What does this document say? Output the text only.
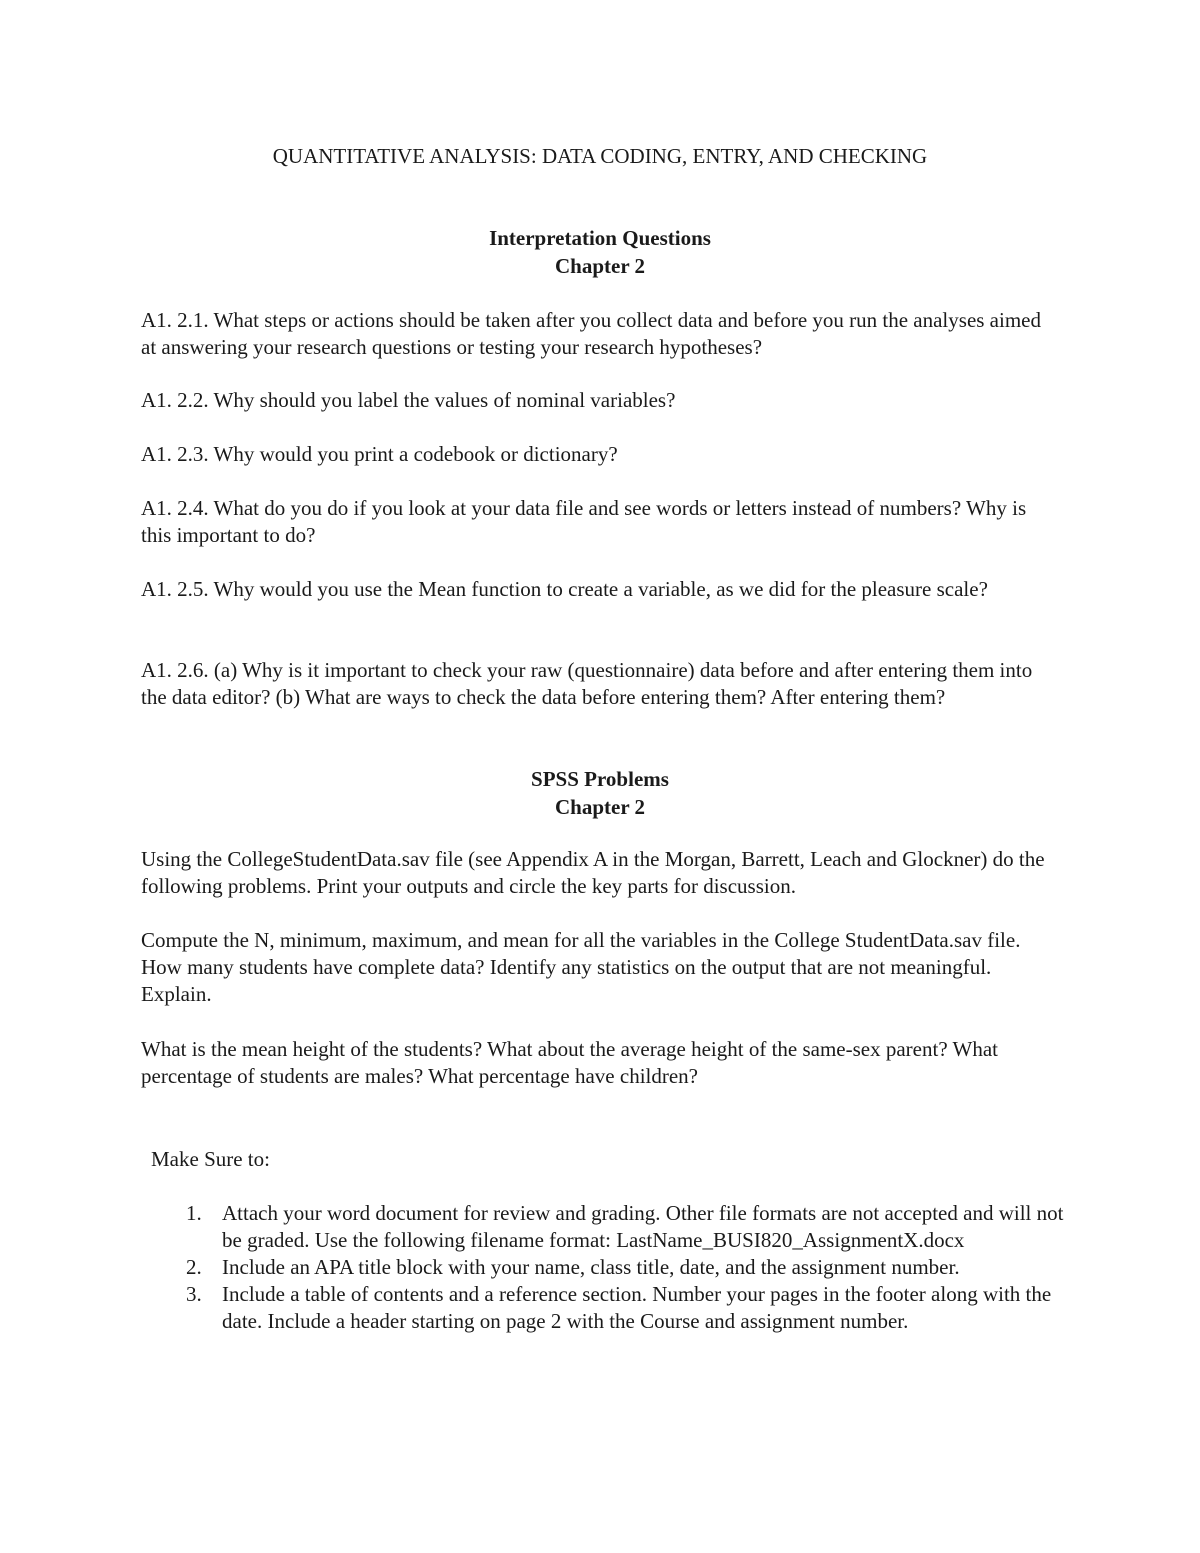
QUANTITATIVE ANALYSIS: DATA CODING, ENTRY, AND CHECKING
Interpretation Questions
Chapter 2

A1. 2.1. What steps or actions should be taken after you collect data and before you run the analyses aimed at answering your research questions or testing your research hypotheses?

A1. 2.2. Why should you label the values of nominal variables?

A1. 2.3. Why would you print a codebook or dictionary?

A1. 2.4. What do you do if you look at your data file and see words or letters instead of numbers? Why is this important to do?

A1. 2.5. Why would you use the Mean function to create a variable, as we did for the pleasure scale?

A1. 2.6. (a) Why is it important to check your raw (questionnaire) data before and after entering them into the data editor? (b) What are ways to check the data before entering them? After entering them?

SPSS Problems
Chapter 2

Using the CollegeStudentData.sav file (see Appendix A in the Morgan, Barrett, Leach and Glockner) do the following problems. Print your outputs and circle the key parts for discussion.

Compute the N, minimum, maximum, and mean for all the variables in the College StudentData.sav file. How many students have complete data? Identify any statistics on the output that are not meaningful. Explain.

What is the mean height of the students? What about the average height of the same-sex parent? What percentage of students are males? What percentage have children?

Make Sure to:

1. Attach your word document for review and grading. Other file formats are not accepted and will not be graded. Use the following filename format: LastName_BUSI820_AssignmentX.docx
2. Include an APA title block with your name, class title, date, and the assignment number.
3. Include a table of contents and a reference section. Number your pages in the footer along with the date. Include a header starting on page 2 with the Course and assignment number.
